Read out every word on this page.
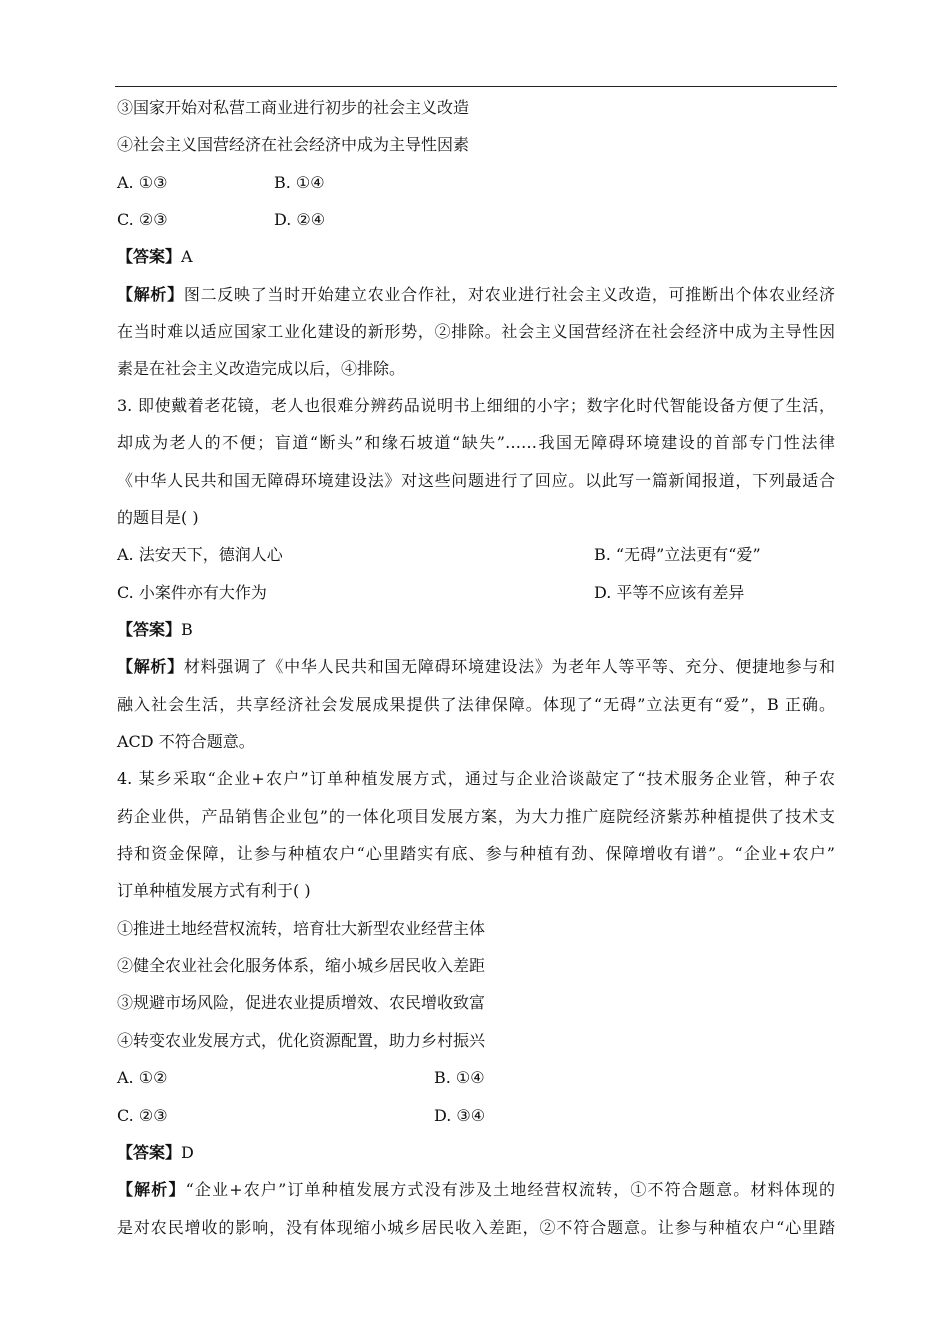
③国家开始对私营工商业进行初步的社会主义改造
④社会主义国营经济在社会经济中成为主导性因素
A. ①③	B. ①④
C. ②③	D. ②④
【答案】A
【解析】图二反映了当时开始建立农业合作社，对农业进行社会主义改造，可推断出个体农业经济
在当时难以适应国家工业化建设的新形势，②排除。社会主义国营经济在社会经济中成为主导性因
素是在社会主义改造完成以后，④排除。
3. 即使戴着老花镜，老人也很难分辨药品说明书上细细的小字；数字化时代智能设备方便了生活，
却成为老人的不便；盲道“断头”和缘石坡道“缺失”……我国无障碍环境建设的首部专门性法律
《中华人民共和国无障碍环境建设法》对这些问题进行了回应。以此写一篇新闻报道，下列最适合
的题目是( )
A. 法安天下，德润人心	B. “无碍”立法更有“爱”
C. 小案件亦有大作为	D. 平等不应该有差异
【答案】B
【解析】材料强调了《中华人民共和国无障碍环境建设法》为老年人等平等、充分、便捷地参与和
融入社会生活，共享经济社会发展成果提供了法律保障。体现了“无碍”立法更有“爱”，B 正确。
ACD 不符合题意。
4. 某乡采取“企业+农户”订单种植发展方式，通过与企业洽谈敲定了“技术服务企业管，种子农
药企业供，产品销售企业包”的一体化项目发展方案，为大力推广庭院经济紫苏种植提供了技术支
持和资金保障，让参与种植农户“心里踏实有底、参与种植有劲、保障增收有谱”。“企业+农户”
订单种植发展方式有利于( )
①推进土地经营权流转，培育壮大新型农业经营主体
②健全农业社会化服务体系，缩小城乡居民收入差距
③规避市场风险，促进农业提质增效、农民增收致富
④转变农业发展方式，优化资源配置，助力乡村振兴
A. ①②	B. ①④
C. ②③	D. ③④
【答案】D
【解析】“企业+农户”订单种植发展方式没有涉及土地经营权流转，①不符合题意。材料体现的
是对农民增收的影响，没有体现缩小城乡居民收入差距，②不符合题意。让参与种植农户“心里踏
